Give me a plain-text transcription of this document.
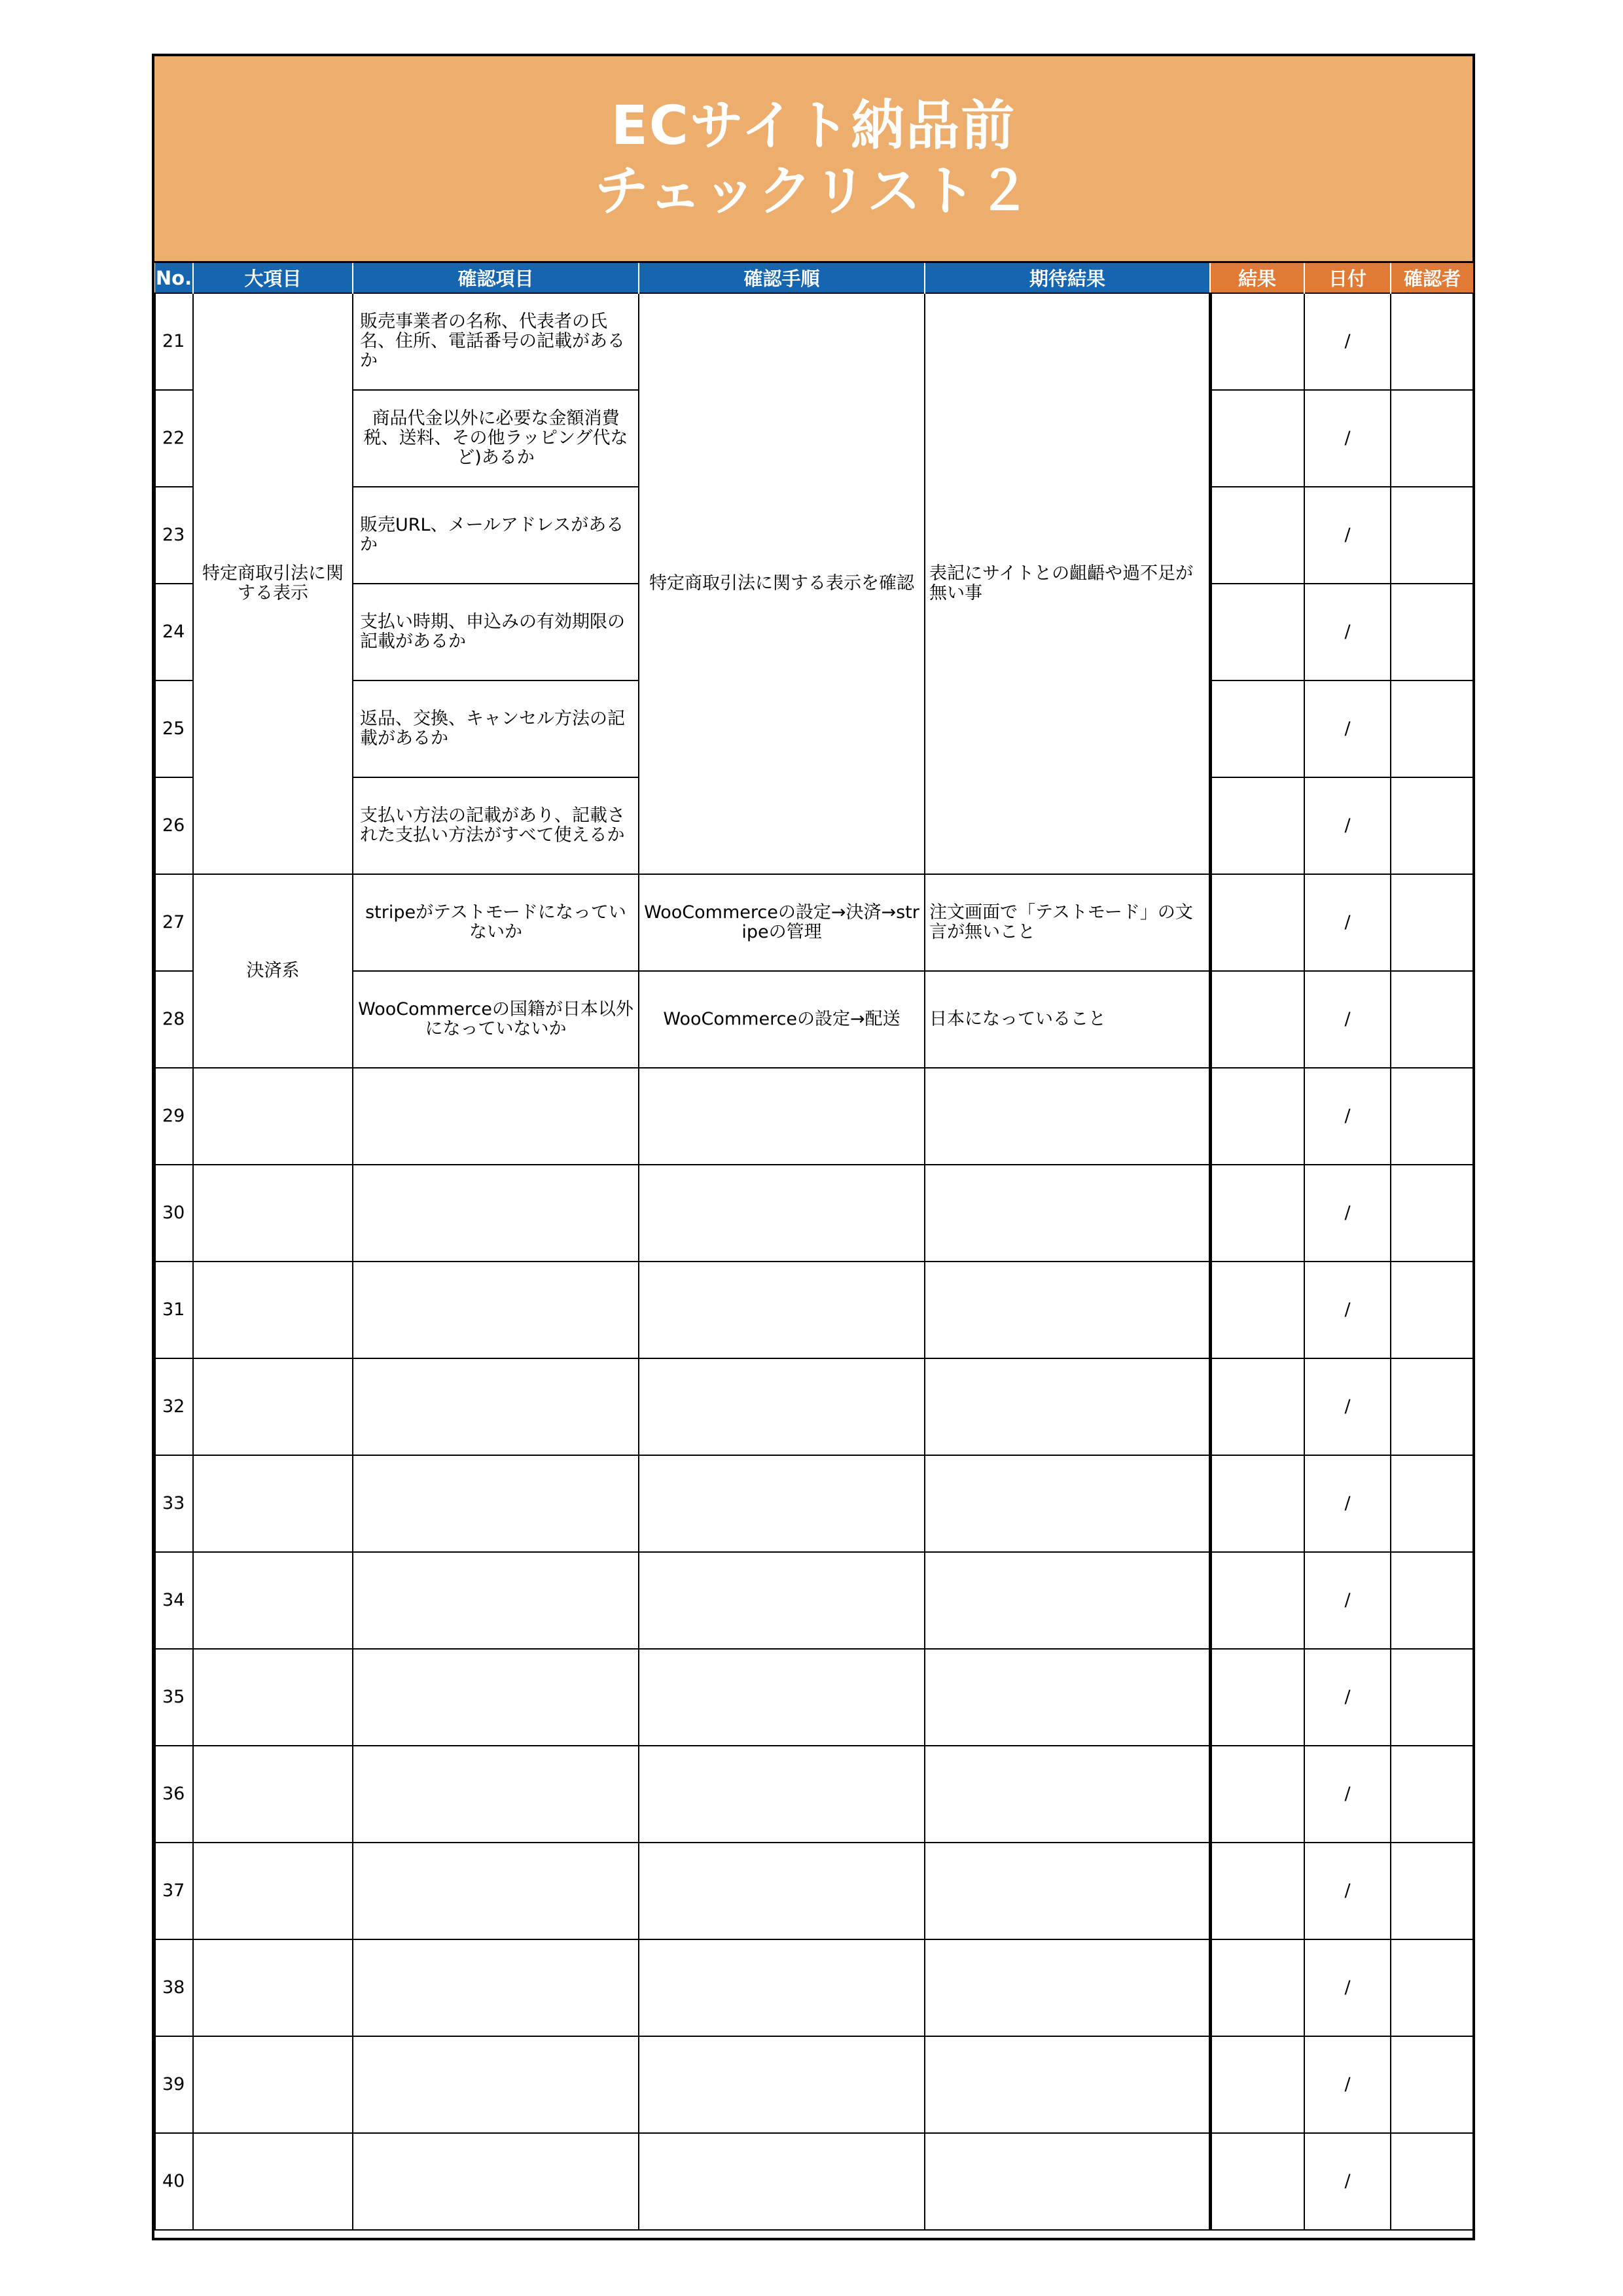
ECサイト納品前
チェックリスト２
No.	大項目	確認項目	確認手順	期待結果	結果	日付	確認者
21	特定商取引法に関する表示	販売事業者の名称、代表者の氏名、住所、電話番号の記載があるか	特定商取引法に関する表示を確認	表記にサイトとの齟齬や過不足が無い事		/	
22		商品代金以外に必要な金額消費税、送料、その他ラッピング代など)あるか				/	
23		販売URL、メールアドレスがあるか				/	
24		支払い時期、申込みの有効期限の記載があるか				/	
25		返品、交換、キャンセル方法の記載があるか				/	
26		支払い方法の記載があり、記載された支払い方法がすべて使えるか				/	
27	決済系	stripeがテストモードになっていないか	WooCommerceの設定→決済→stripeの管理	注文画面で「テストモード」の文言が無いこと		/	
28		WooCommerceの国籍が日本以外になっていないか	WooCommerceの設定→配送	日本になっていること		/	
29						/	
30						/	
31						/	
32						/	
33						/	
34						/	
35						/	
36						/	
37						/	
38						/	
39						/	
40						/	
